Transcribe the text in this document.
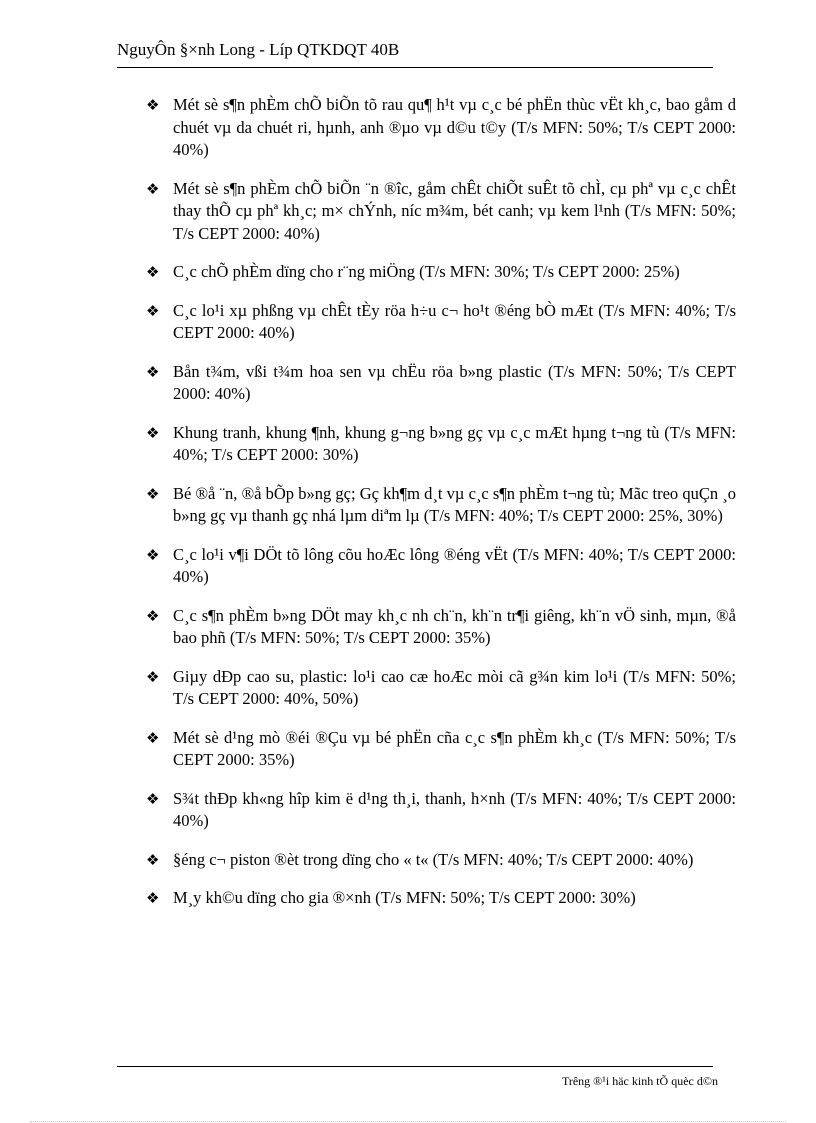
NguyÔn §×nh Long - Líp QTKDQT 40B
❖ Mét sè s¶n phÈm chÕ biÕn tõ rau qu¶ h¹t vµ c¸c bé phËn thùc vËt kh¸c, bao gåm d chuét vµ da chuét ri, hµnh, anh ®µo vµ d©u t©y (T/s MFN: 50%; T/s CEPT 2000: 40%)
❖ Mét sè s¶n phÈm chÕ biÕn ¨n ®îc, gåm chÊt chiÕt suÊt tõ chÌ, cµ phª vµ c¸c chÊt thay thÕ cµ phª kh¸c; m× chÝnh, níc m¾m, bét canh; vµ kem l¹nh (T/s MFN: 50%; T/s CEPT 2000: 40%)
❖ C¸c chÕ phÈm dïng cho r¨ng miÖng (T/s MFN: 30%; T/s CEPT 2000: 25%)
❖ C¸c lo¹i xµ phßng vµ chÊt tÈy röa h÷u c¬ ho¹t ®éng bÒ mÆt (T/s MFN: 40%; T/s CEPT 2000: 40%)
❖ Bån t¾m, vßi t¾m hoa sen vµ chËu röa b»ng plastic (T/s MFN: 50%; T/s CEPT 2000: 40%)
❖ Khung tranh, khung ¶nh, khung g¬ng b»ng gç vµ c¸c mÆt hµng t¬ng tù (T/s MFN: 40%; T/s CEPT 2000: 30%)
❖ Bé ®å ¨n, ®å bÕp b»ng gç; Gç kh¶m d¸t vµ c¸c s¶n phÈm t¬ng tù; Mãc treo quÇn ¸o b»ng gç vµ thanh gç nhá lµm diªm lµ (T/s MFN: 40%; T/s CEPT 2000: 25%, 30%)
❖ C¸c lo¹i v¶i DÖt tõ lông cõu hoÆc lông ®éng vËt (T/s MFN: 40%; T/s CEPT 2000: 40%)
❖ C¸c s¶n phÈm b»ng DÖt may kh¸c nh ch¨n, kh¨n tr¶i giêng, kh¨n vÖ sinh, mµn, ®å bao phñ (T/s MFN: 50%; T/s CEPT 2000: 35%)
❖ Giµy dÐp cao su, plastic: lo¹i cao cæ hoÆc mòi cã g¾n kim lo¹i (T/s MFN: 50%; T/s CEPT 2000: 40%, 50%)
❖ Mét sè d¹ng mò ®éi ®Çu vµ bé phËn cña c¸c s¶n phÈm kh¸c (T/s MFN: 50%; T/s CEPT 2000: 35%)
❖ S¾t thÐp kh«ng hîp kim ë d¹ng th¸i, thanh, h×nh (T/s MFN: 40%; T/s CEPT 2000: 40%)
❖ §éng c¬ piston ®èt trong dïng cho « t« (T/s MFN: 40%; T/s CEPT 2000: 40%)
❖ M¸y kh©u dïng cho gia ®×nh (T/s MFN: 50%; T/s CEPT 2000: 30%)
Trêng ®¹i häc kinh tÕ quèc d©n
